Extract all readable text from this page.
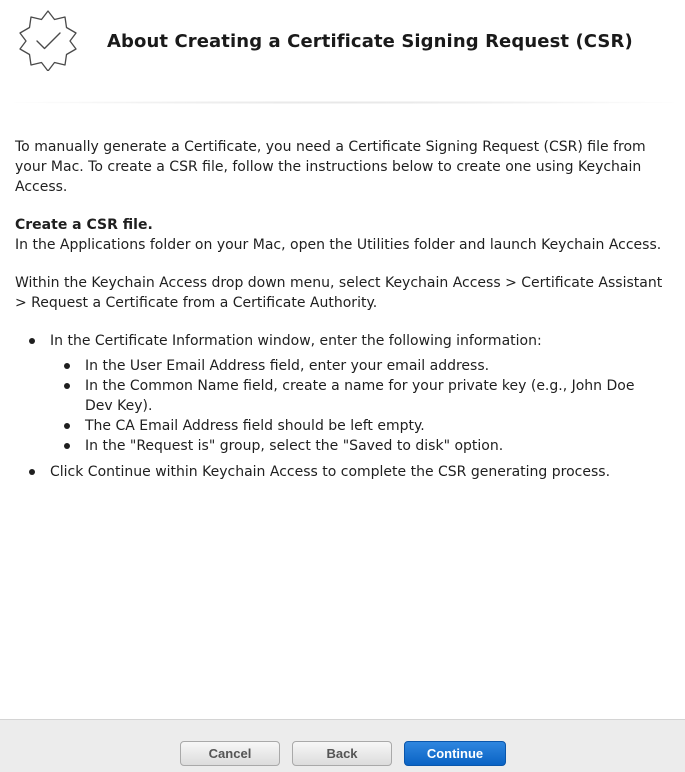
About Creating a Certificate Signing Request (CSR)

To manually generate a Certificate, you need a Certificate Signing Request (CSR) file from your Mac. To create a CSR file, follow the instructions below to create one using Keychain Access.

Create a CSR file.
In the Applications folder on your Mac, open the Utilities folder and launch Keychain Access.

Within the Keychain Access drop down menu, select Keychain Access > Certificate Assistant > Request a Certificate from a Certificate Authority.

In the Certificate Information window, enter the following information:
In the User Email Address field, enter your email address.
In the Common Name field, create a name for your private key (e.g., John Doe Dev Key).
The CA Email Address field should be left empty.
In the "Request is" group, select the "Saved to disk" option.
Click Continue within Keychain Access to complete the CSR generating process.
Cancel	Back	Continue
